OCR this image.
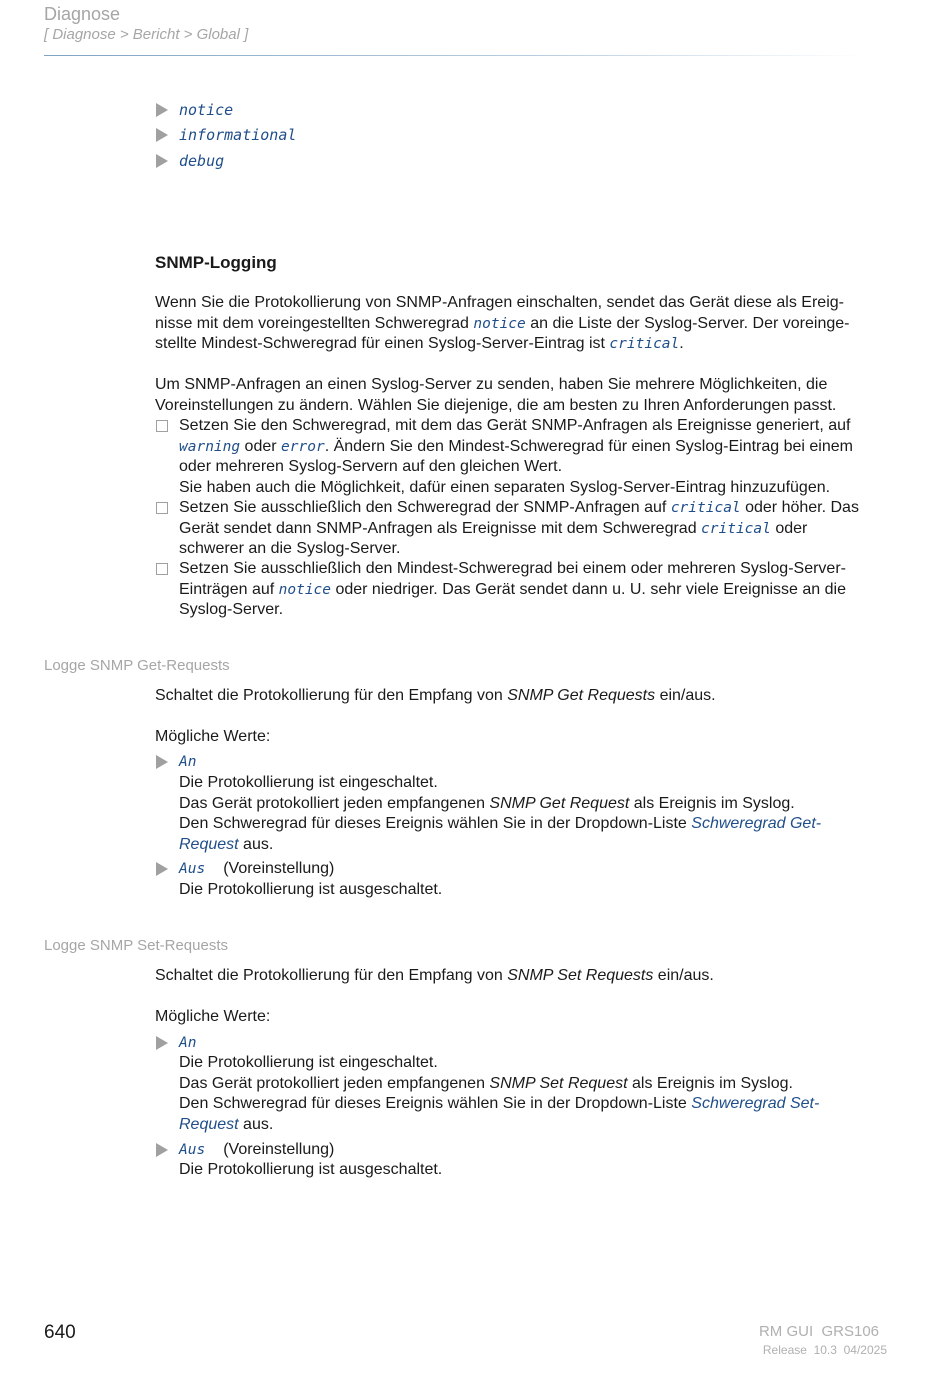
Diagnose
[ Diagnose > Bericht > Global ]
notice
informational
debug
SNMP-Logging
Wenn Sie die Protokollierung von SNMP-Anfragen einschalten, sendet das Gerät diese als Ereig-
nisse mit dem voreingestellten Schweregrad notice an die Liste der Syslog-Server. Der voreinge-
stellte Mindest-Schweregrad für einen Syslog-Server-Eintrag ist critical.
Um SNMP-Anfragen an einen Syslog-Server zu senden, haben Sie mehrere Möglichkeiten, die
Voreinstellungen zu ändern. Wählen Sie diejenige, die am besten zu Ihren Anforderungen passt.
Setzen Sie den Schweregrad, mit dem das Gerät SNMP-Anfragen als Ereignisse generiert, auf
warning oder error. Ändern Sie den Mindest-Schweregrad für einen Syslog-Eintrag bei einem
oder mehreren Syslog-Servern auf den gleichen Wert.
Sie haben auch die Möglichkeit, dafür einen separaten Syslog-Server-Eintrag hinzuzufügen.
Setzen Sie ausschließlich den Schweregrad der SNMP-Anfragen auf critical oder höher. Das
Gerät sendet dann SNMP-Anfragen als Ereignisse mit dem Schweregrad critical oder
schwerer an die Syslog-Server.
Setzen Sie ausschließlich den Mindest-Schweregrad bei einem oder mehreren Syslog-Server-
Einträgen auf notice oder niedriger. Das Gerät sendet dann u. U. sehr viele Ereignisse an die
Syslog-Server.
Logge SNMP Get-Requests
Schaltet die Protokollierung für den Empfang von SNMP Get Requests ein/aus.
Mögliche Werte:
An
Die Protokollierung ist eingeschaltet.
Das Gerät protokolliert jeden empfangenen SNMP Get Request als Ereignis im Syslog.
Den Schweregrad für dieses Ereignis wählen Sie in der Dropdown-Liste Schweregrad Get-
Request aus.
Aus (Voreinstellung)
Die Protokollierung ist ausgeschaltet.
Logge SNMP Set-Requests
Schaltet die Protokollierung für den Empfang von SNMP Set Requests ein/aus.
Mögliche Werte:
An
Die Protokollierung ist eingeschaltet.
Das Gerät protokolliert jeden empfangenen SNMP Set Request als Ereignis im Syslog.
Den Schweregrad für dieses Ereignis wählen Sie in der Dropdown-Liste Schweregrad Set-
Request aus.
Aus (Voreinstellung)
Die Protokollierung ist ausgeschaltet.
640	RM GUI  GRS106
Release  10.3  04/2025
